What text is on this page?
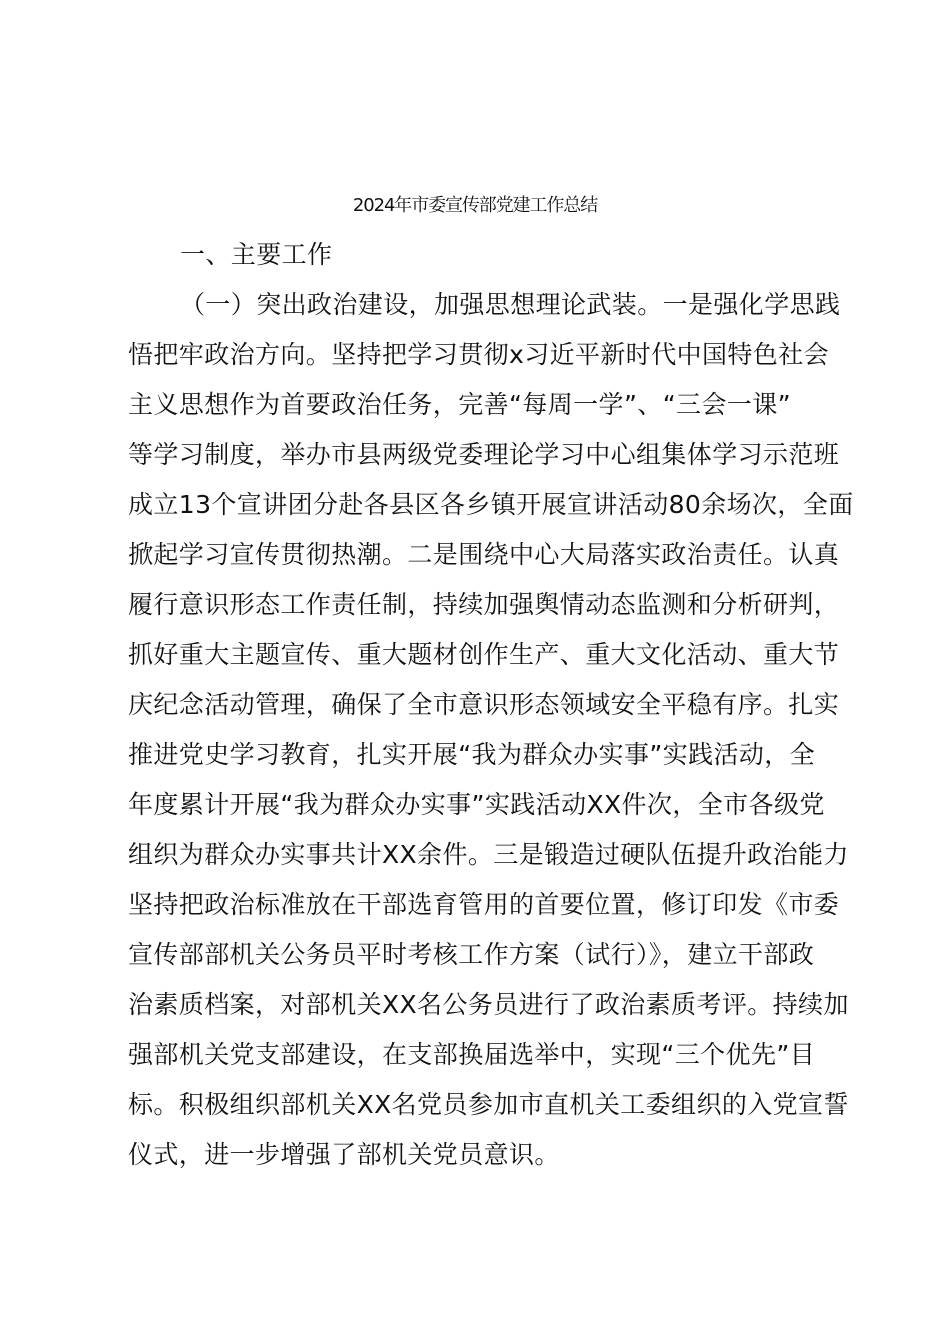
2024年市委宣传部党建工作总结
一、主要工作
（一）突出政治建设，加强思想理论武装。一是强化学思践
悟把牢政治方向。坚持把学习贯彻x习近平新时代中国特色社会
主义思想作为首要政治任务，完善“每周一学”、“三会一课”
等学习制度，举办市县两级党委理论学习中心组集体学习示范班
成立13个宣讲团分赴各县区各乡镇开展宣讲活动80余场次，全面
掀起学习宣传贯彻热潮。二是围绕中心大局落实政治责任。认真
履行意识形态工作责任制，持续加强舆情动态监测和分析研判，
抓好重大主题宣传、重大题材创作生产、重大文化活动、重大节
庆纪念活动管理，确保了全市意识形态领域安全平稳有序。扎实
推进党史学习教育，扎实开展“我为群众办实事”实践活动，全
年度累计开展“我为群众办实事”实践活动XX件次，全市各级党
组织为群众办实事共计XX余件。三是锻造过硬队伍提升政治能力
坚持把政治标准放在干部选育管用的首要位置，修订印发《市委
宣传部部机关公务员平时考核工作方案（试行）》，建立干部政
治素质档案，对部机关XX名公务员进行了政治素质考评。持续加
强部机关党支部建设，在支部换届选举中，实现“三个优先”目
标。积极组织部机关XX名党员参加市直机关工委组织的入党宣誓
仪式，进一步增强了部机关党员意识。
